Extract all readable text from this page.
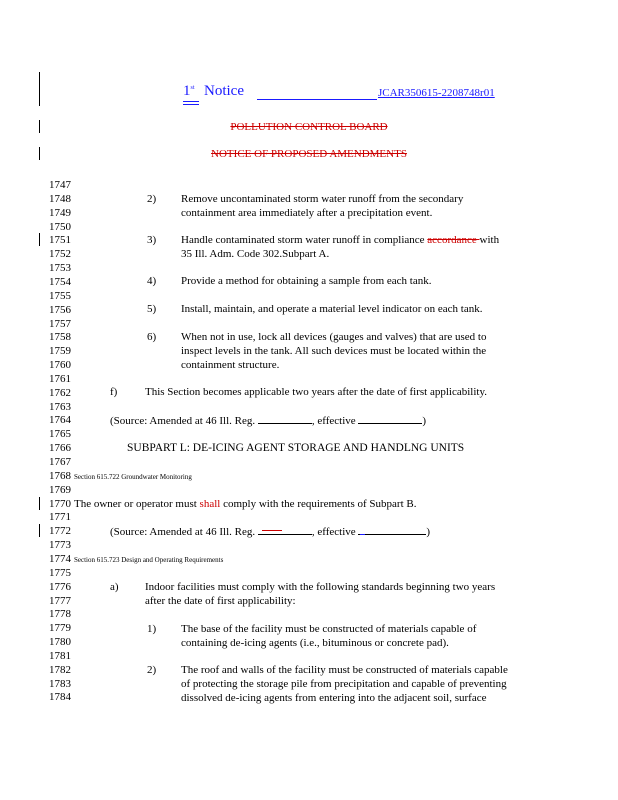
1st Notice	JCAR350615-2208748r01
POLLUTION CONTROL BOARD
NOTICE OF PROPOSED AMENDMENTS
1747
1748
1749
1750
1751
1752
1753
1754
1755
1756
1757
1758
1759
1760
1761
1762
1763
1764
1765
1766
1767
1768
1769
1770
1771
1772
1773
1774
1775
1776
1777
1778
1779
1780
1781
1782
1783
1784
2) Remove uncontaminated storm water runoff from the secondary
containment area immediately after a precipitation event.
3) Handle contaminated storm water runoff in compliance accordance with
35 Ill. Adm. Code 302.Subpart A.
4) Provide a method for obtaining a sample from each tank.
5) Install, maintain, and operate a material level indicator on each tank.
6) When not in use, lock all devices (gauges and valves) that are used to
inspect levels in the tank. All such devices must be located within the
containment structure.
f)	This Section becomes applicable two years after the date of first applicability.
(Source: Amended at 46 Ill. Reg.	, effective	)
SUBPART L: DE-ICING AGENT STORAGE AND HANDLNG UNITS
Section 615.722 Groundwater Monitoring
The owner or operator must shall comply with the requirements of Subpart B.
(Source: Amended at 46 Ill. Reg.	, effective	)
Section 615.723 Design and Operating Requirements
a) Indoor facilities must comply with the following standards beginning two years
after the date of first applicability:
1) The base of the facility must be constructed of materials capable of
containing de-icing agents (i.e., bituminous or concrete pad).
2) The roof and walls of the facility must be constructed of materials capable
of protecting the storage pile from precipitation and capable of preventing
dissolved de-icing agents from entering into the adjacent soil, surface
